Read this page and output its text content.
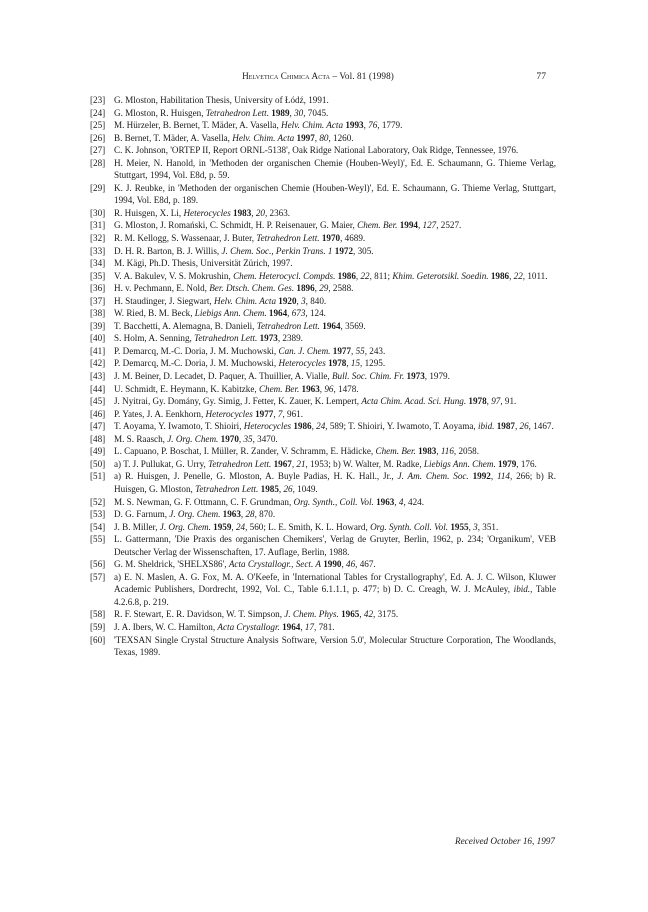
Helvetica Chimica Acta – Vol. 81 (1998)	77
[23] G. Mloston, Habilitation Thesis, University of Łódź, 1991.
[24] G. Mloston, R. Huisgen, Tetrahedron Lett. 1989, 30, 7045.
[25] M. Hürzeler, B. Bernet, T. Mäder, A. Vasella, Helv. Chim. Acta 1993, 76, 1779.
[26] B. Bernet, T. Mäder, A. Vasella, Helv. Chim. Acta 1997, 80, 1260.
[27] C. K. Johnson, 'ORTEP II, Report ORNL-5138', Oak Ridge National Laboratory, Oak Ridge, Tennessee, 1976.
[28] H. Meier, N. Hanold, in 'Methoden der organischen Chemie (Houben-Weyl)', Ed. E. Schaumann, G. Thieme Verlag, Stuttgart, 1994, Vol. E8d, p. 59.
[29] K. J. Reubke, in 'Methoden der organischen Chemie (Houben-Weyl)', Ed. E. Schaumann, G. Thieme Verlag, Stuttgart, 1994, Vol. E8d, p. 189.
[30] R. Huisgen, X. Li, Heterocycles 1983, 20, 2363.
[31] G. Mloston, J. Romański, C. Schmidt, H. P. Reisenauer, G. Maier, Chem. Ber. 1994, 127, 2527.
[32] R. M. Kellogg, S. Wassenaar, J. Buter, Tetrahedron Lett. 1970, 4689.
[33] D. H. R. Barton, B. J. Willis, J. Chem. Soc., Perkin Trans. 1 1972, 305.
[34] M. Kägi, Ph.D. Thesis, Universität Zürich, 1997.
[35] V. A. Bakulev, V. S. Mokrushin, Chem. Heterocycl. Compds. 1986, 22, 811; Khim. Geterotsikl. Soedin. 1986, 22, 1011.
[36] H. v. Pechmann, E. Nold, Ber. Dtsch. Chem. Ges. 1896, 29, 2588.
[37] H. Staudinger, J. Siegwart, Helv. Chim. Acta 1920, 3, 840.
[38] W. Ried, B. M. Beck, Liebigs Ann. Chem. 1964, 673, 124.
[39] T. Bacchetti, A. Alemagna, B. Danieli, Tetrahedron Lett. 1964, 3569.
[40] S. Holm, A. Senning, Tetrahedron Lett. 1973, 2389.
[41] P. Demarcq, M.-C. Doria, J. M. Muchowski, Can. J. Chem. 1977, 55, 243.
[42] P. Demarcq, M.-C. Doria, J. M. Muchowski, Heterocycles 1978, 15, 1295.
[43] J. M. Beiner, D. Lecadet, D. Paquer, A. Thuillier, A. Vialle, Bull. Soc. Chim. Fr. 1973, 1979.
[44] U. Schmidt, E. Heymann, K. Kabitzke, Chem. Ber. 1963, 96, 1478.
[45] J. Nyitrai, Gy. Domány, Gy. Simig, J. Fetter, K. Zauer, K. Lempert, Acta Chim. Acad. Sci. Hung. 1978, 97, 91.
[46] P. Yates, J. A. Eenkhorn, Heterocycles 1977, 7, 961.
[47] T. Aoyama, Y. Iwamoto, T. Shioiri, Heterocycles 1986, 24, 589; T. Shioiri, Y. Iwamoto, T. Aoyama, ibid. 1987, 26, 1467.
[48] M. S. Raasch, J. Org. Chem. 1970, 35, 3470.
[49] L. Capuano, P. Boschat, I. Müller, R. Zander, V. Schramm, E. Hädicke, Chem. Ber. 1983, 116, 2058.
[50] a) T. J. Pullukat, G. Urry, Tetrahedron Lett. 1967, 21, 1953; b) W. Walter, M. Radke, Liebigs Ann. Chem. 1979, 176.
[51] a) R. Huisgen, J. Penelle, G. Mloston, A. Buyle Padias, H. K. Hall., Jr., J. Am. Chem. Soc. 1992, 114, 266; b) R. Huisgen, G. Mloston, Tetrahedron Lett. 1985, 26, 1049.
[52] M. S. Newman, G. F. Ottmann, C. F. Grundman, Org. Synth., Coll. Vol. 1963, 4, 424.
[53] D. G. Farnum, J. Org. Chem. 1963, 28, 870.
[54] J. B. Miller, J. Org. Chem. 1959, 24, 560; L. E. Smith, K. L. Howard, Org. Synth. Coll. Vol. 1955, 3, 351.
[55] L. Gattermann, 'Die Praxis des organischen Chemikers', Verlag de Gruyter, Berlin, 1962, p. 234; 'Organikum', VEB Deutscher Verlag der Wissenschaften, 17. Auflage, Berlin, 1988.
[56] G. M. Sheldrick, 'SHELXS86', Acta Crystallogr., Sect. A 1990, 46, 467.
[57] a) E. N. Maslen, A. G. Fox, M. A. O'Keefe, in 'International Tables for Crystallography', Ed. A. J. C. Wilson, Kluwer Academic Publishers, Dordrecht, 1992, Vol. C., Table 6.1.1.1, p. 477; b) D. C. Creagh, W. J. McAuley, ibid., Table 4.2.6.8, p. 219.
[58] R. F. Stewart, E. R. Davidson, W. T. Simpson, J. Chem. Phys. 1965, 42, 3175.
[59] J. A. Ibers, W. C. Hamilton, Acta Crystallogr. 1964, 17, 781.
[60] 'TEXSAN Single Crystal Structure Analysis Software, Version 5.0', Molecular Structure Corporation, The Woodlands, Texas, 1989.
Received October 16, 1997
